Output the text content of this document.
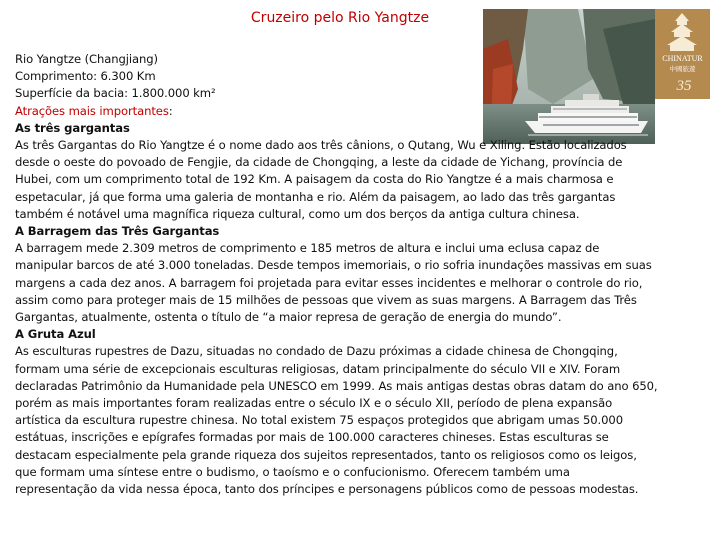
Cruzeiro pelo Rio Yangtze
CHINATUR
中國旅遊
35
Rio Yangtze (Changjiang)
Comprimento: 6.300 Km
Superfície da bacia: 1.800.000 km²
Atrações mais importantes:
As três gargantas
As três Gargantas do Rio Yangtze é o nome dado aos três cânions, o Qutang, Wu e Xiling. Estão localizados
desde o oeste do povoado de Fengjie, da cidade de Chongqing, a leste da cidade de Yichang, província de
Hubei, com um comprimento total de 192 Km. A paisagem da costa do Rio Yangtze é a mais charmosa e
espetacular, já que forma uma galeria de montanha e rio. Além da paisagem, ao lado das três gargantas
também é notável uma magnífica riqueza cultural, como um dos berços da antiga cultura chinesa.
A Barragem das Três Gargantas
A barragem mede 2.309 metros de comprimento e 185 metros de altura e inclui uma eclusa capaz de
manipular barcos de até 3.000 toneladas. Desde tempos imemoriais, o rio sofria inundações massivas em suas
margens a cada dez anos. A barragem foi projetada para evitar esses incidentes e melhorar o controle do rio,
assim como para proteger mais de 15 milhões de pessoas que vivem as suas margens. A Barragem das Três
Gargantas, atualmente, ostenta o título de “a maior represa de geração de energia do mundo”.
A Gruta Azul
As esculturas rupestres de Dazu, situadas no condado de Dazu próximas a cidade chinesa de Chongqing,
formam uma série de excepcionais esculturas religiosas, datam principalmente do século VII e XIV. Foram
declaradas Patrimônio da Humanidade pela UNESCO em 1999. As mais antigas destas obras datam do ano 650,
porém as mais importantes foram realizadas entre o século IX e o século XII, período de plena expansão
artística da escultura rupestre chinesa. No total existem 75 espaços protegidos que abrigam umas 50.000
estátuas, inscrições e epígrafes formadas por mais de 100.000 caracteres chineses. Estas esculturas se
destacam especialmente pela grande riqueza dos sujeitos representados, tanto os religiosos como os leigos,
que formam uma síntese entre o budismo, o taoísmo e o confucionismo. Oferecem também uma
representação da vida nessa época, tanto dos príncipes e personagens públicos como de pessoas modestas.
